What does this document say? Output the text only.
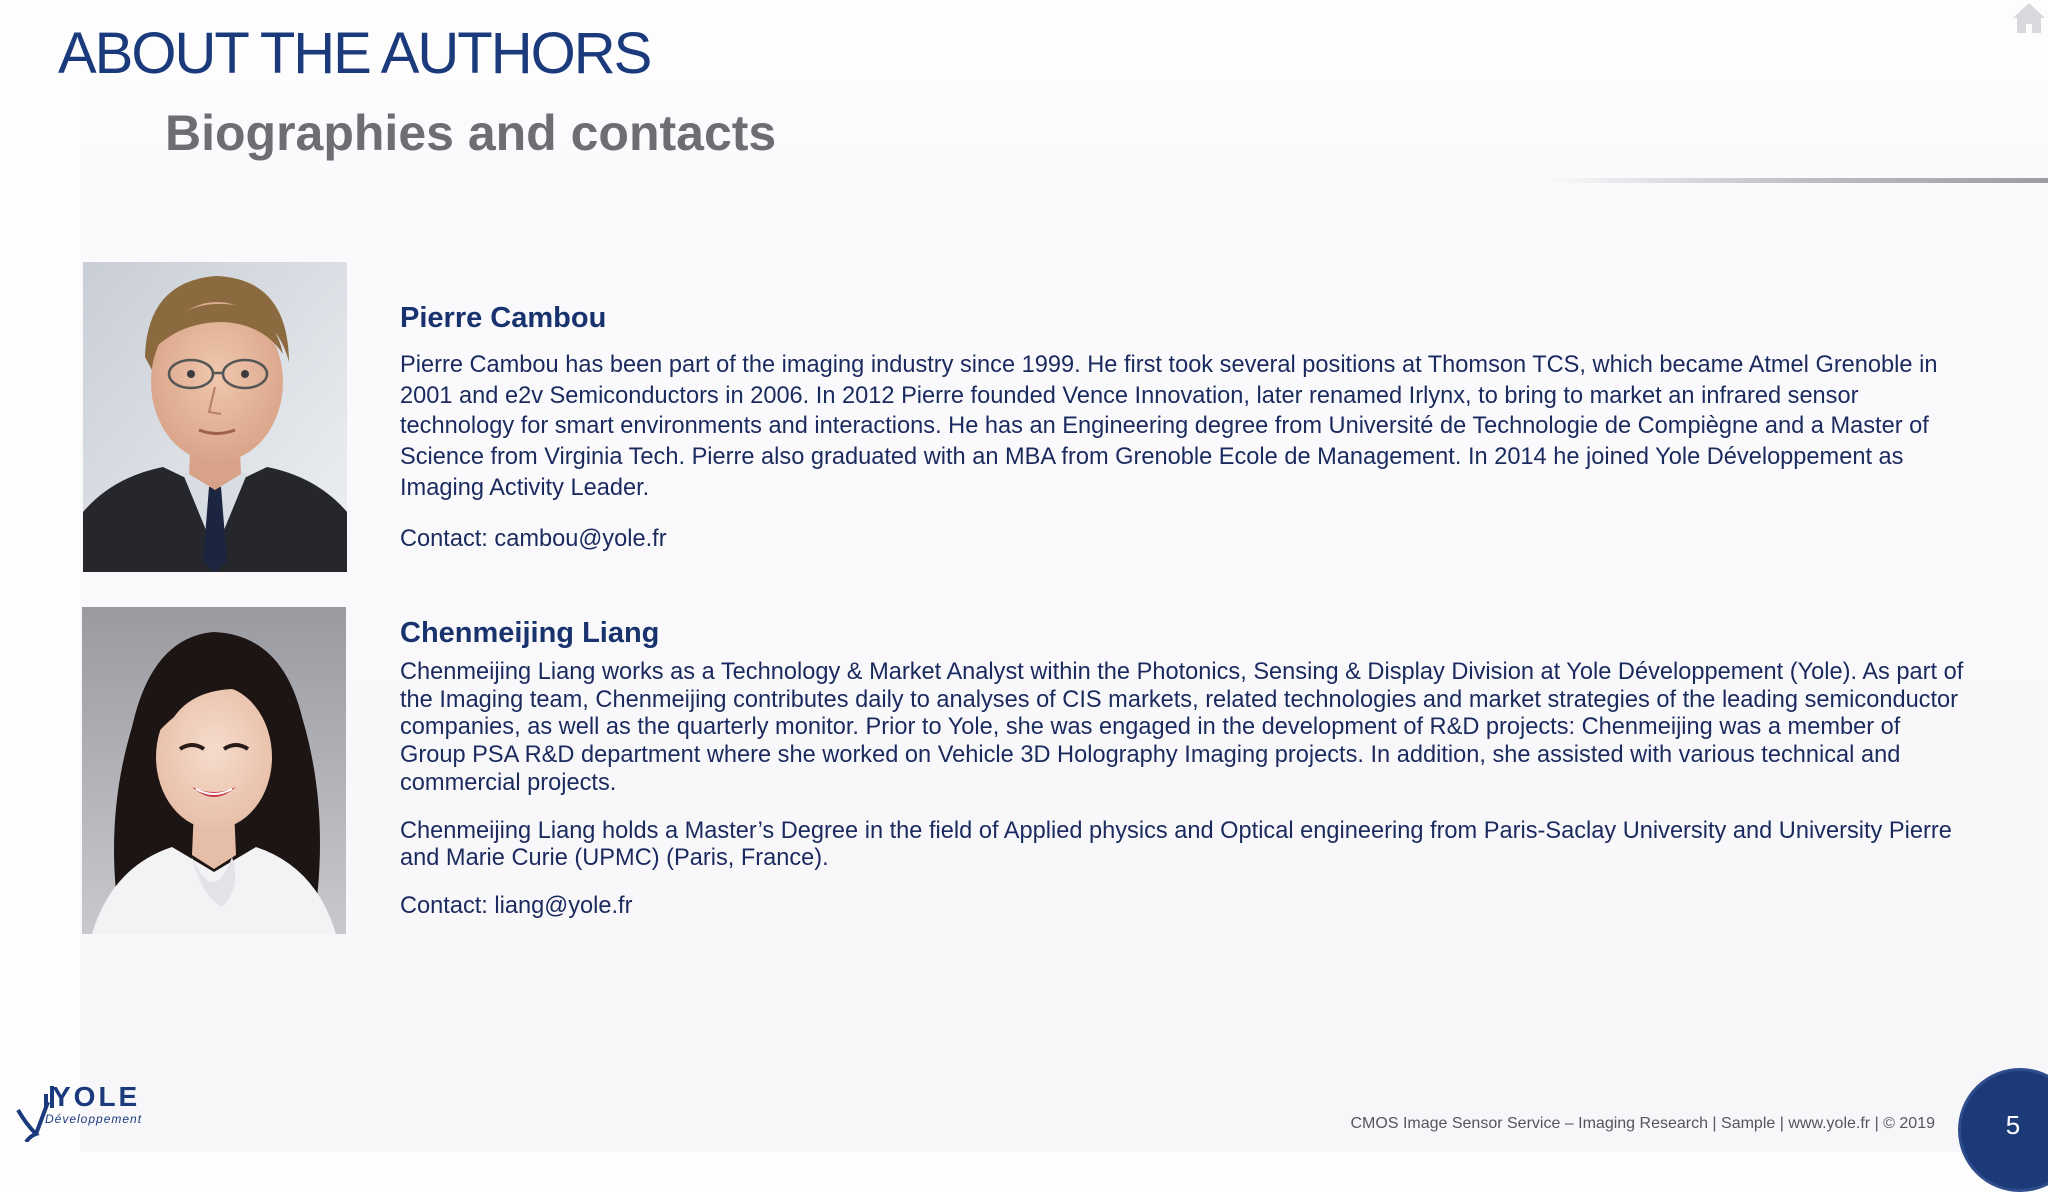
ABOUT THE AUTHORS
Biographies and contacts

Pierre Cambou

Pierre Cambou has been part of the imaging industry since 1999. He first took several positions at Thomson TCS, which became Atmel Grenoble in 2001 and e2v Semiconductors in 2006. In 2012 Pierre founded Vence Innovation, later renamed Irlynx, to bring to market an infrared sensor technology for smart environments and interactions. He has an Engineering degree from Université de Technologie de Compiègne and a Master of Science from Virginia Tech. Pierre also graduated with an MBA from Grenoble Ecole de Management. In 2014 he joined Yole Développement as Imaging Activity Leader.

Contact: cambou@yole.fr

Chenmeijing Liang

Chenmeijing Liang works as a Technology & Market Analyst within the Photonics, Sensing & Display Division at Yole Développement (Yole). As part of the Imaging team, Chenmeijing contributes daily to analyses of CIS markets, related technologies and market strategies of the leading semiconductor companies, as well as the quarterly monitor. Prior to Yole, she was engaged in the development of R&D projects: Chenmeijing was a member of Group PSA R&D department where she worked on Vehicle 3D Holography Imaging projects. In addition, she assisted with various technical and commercial projects.

Chenmeijing Liang holds a Master’s Degree in the field of Applied physics and Optical engineering from Paris-Saclay University and University Pierre and Marie Curie (UPMC) (Paris, France).

Contact: liang@yole.fr

YOLE
Développement	CMOS Image Sensor Service – Imaging Research | Sample | www.yole.fr | © 2019	5
